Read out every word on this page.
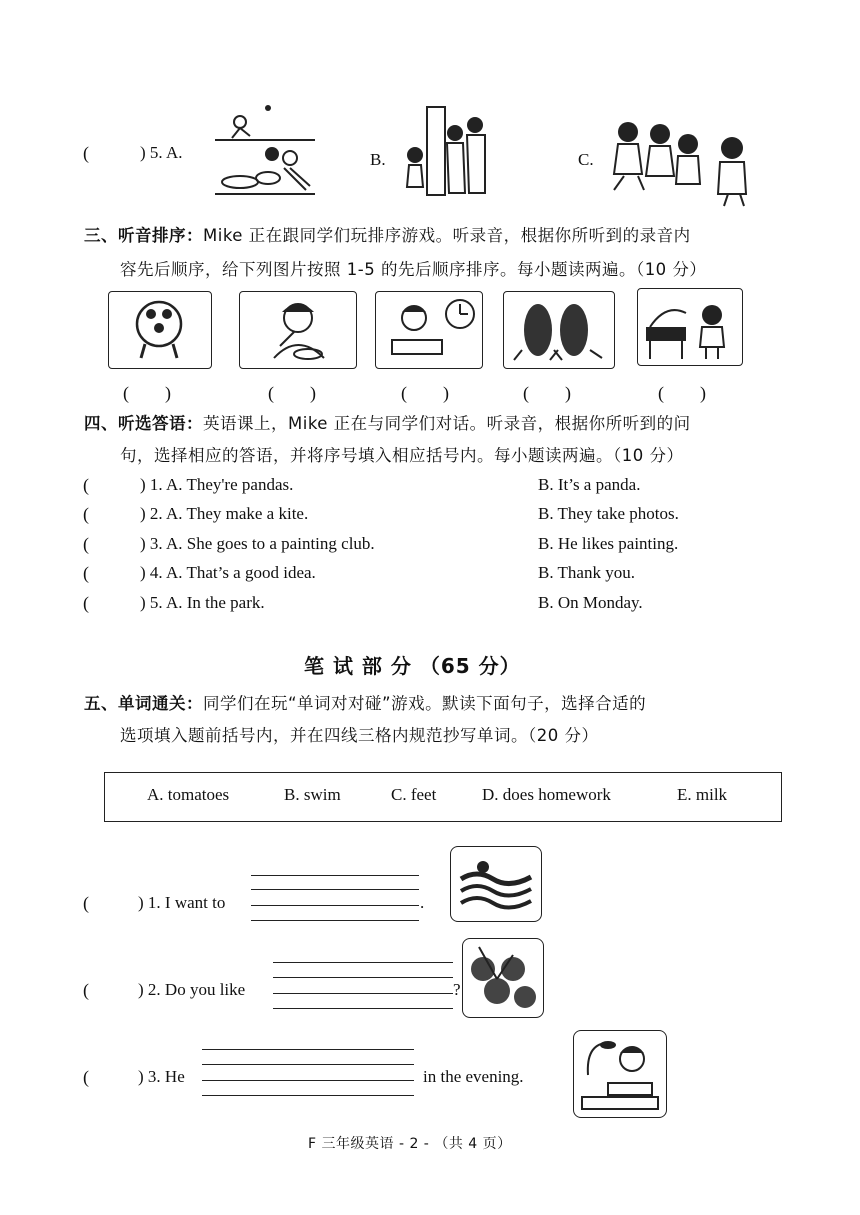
(	) 5. A.	B.	C.
三、听音排序：Mike 正在跟同学们玩排序游戏。听录音，根据你所听到的录音内
容先后顺序，给下列图片按照 1-5 的先后顺序排序。每小题读两遍。（10 分）
(　　)	(　　)	(　　)	(　　)	(　　)
四、听选答语：英语课上，Mike 正在与同学们对话。听录音，根据你所听到的问
句，选择相应的答语，并将序号填入相应括号内。每小题读两遍。（10 分）
(	) 1. A. They're pandas.	B. It’s a panda.
(	) 2. A. They make a kite.	B. They take photos.
(	) 3. A. She goes to a painting club.	B. He likes painting.
(	) 4. A. That’s a good idea.	B. Thank you.
(	) 5. A. In the park.	B. On Monday.
笔 试 部 分 （65 分）
五、单词通关：同学们在玩“单词对对碰”游戏。默读下面句子，选择合适的
选项填入题前括号内，并在四线三格内规范抄写单词。（20 分）
A. tomatoes	B. swim	C. feet	D. does homework	E. milk
(	) 1. I want to	.
(	) 2. Do you like	?
(	) 3. He	in the evening.
F 三年级英语 - 2 - （共 4 页）
